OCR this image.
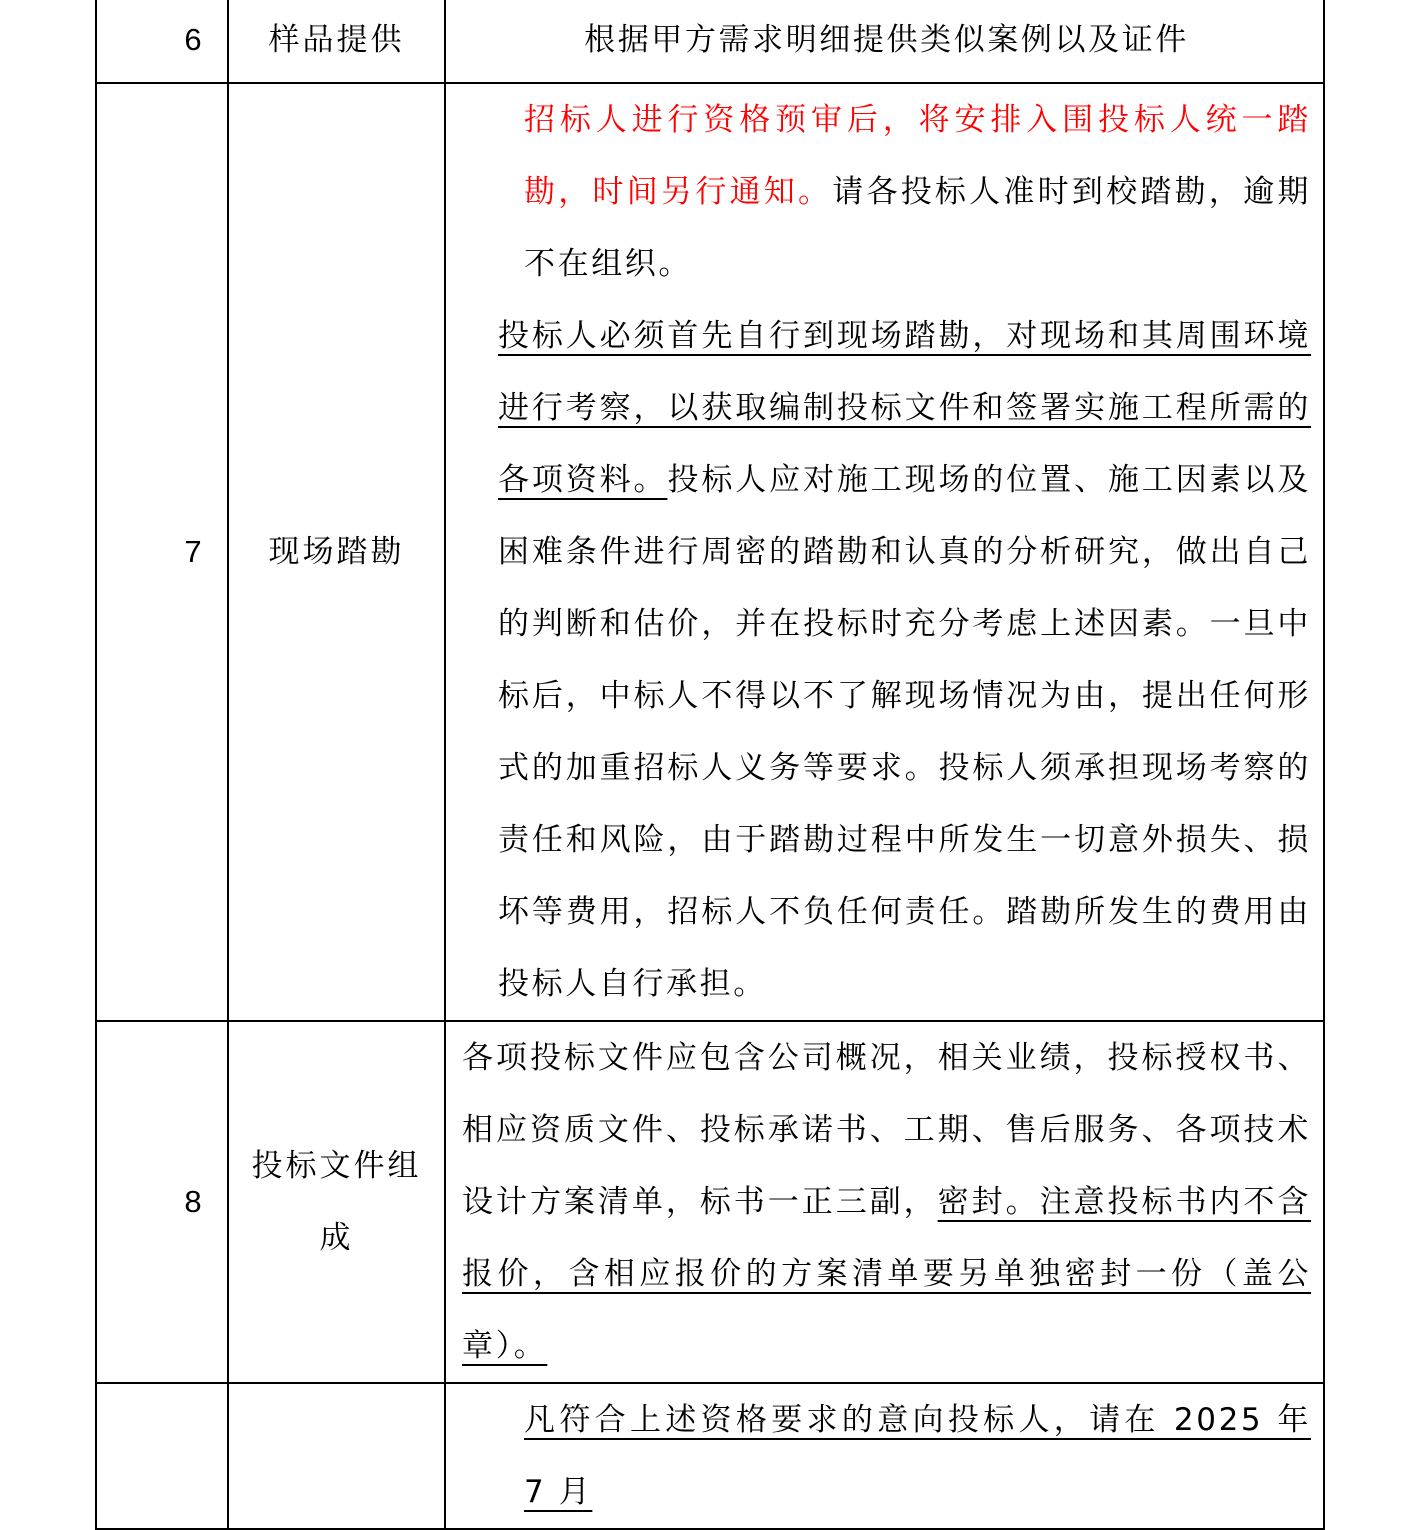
6	样品提供	根据甲方需求明细提供类似案例以及证件
7	现场踏勘	招标人进行资格预审后，将安排入围投标人统一踏勘，时间另行通知。请各投标人准时到校踏勘，逾期不在组织。

投标人必须首先自行到现场踏勘，对现场和其周围环境进行考察，以获取编制投标文件和签署实施工程所需的各项资料。投标人应对施工现场的位置、施工因素以及困难条件进行周密的踏勘和认真的分析研究，做出自己的判断和估价，并在投标时充分考虑上述因素。一旦中标后，中标人不得以不了解现场情况为由，提出任何形式的加重招标人义务等要求。投标人须承担现场考察的责任和风险，由于踏勘过程中所发生一切意外损失、损坏等费用，招标人不负任何责任。踏勘所发生的费用由投标人自行承担。

8	投标文件组成	各项投标文件应包含公司概况，相关业绩，投标授权书、相应资质文件、投标承诺书、工期、售后服务、各项技术设计方案清单，标书一正三副，密封。注意投标书内不含报价，含相应报价的方案清单要另单独密封一份（盖公章）。

		凡符合上述资格要求的意向投标人，请在 2025 年 7 月
